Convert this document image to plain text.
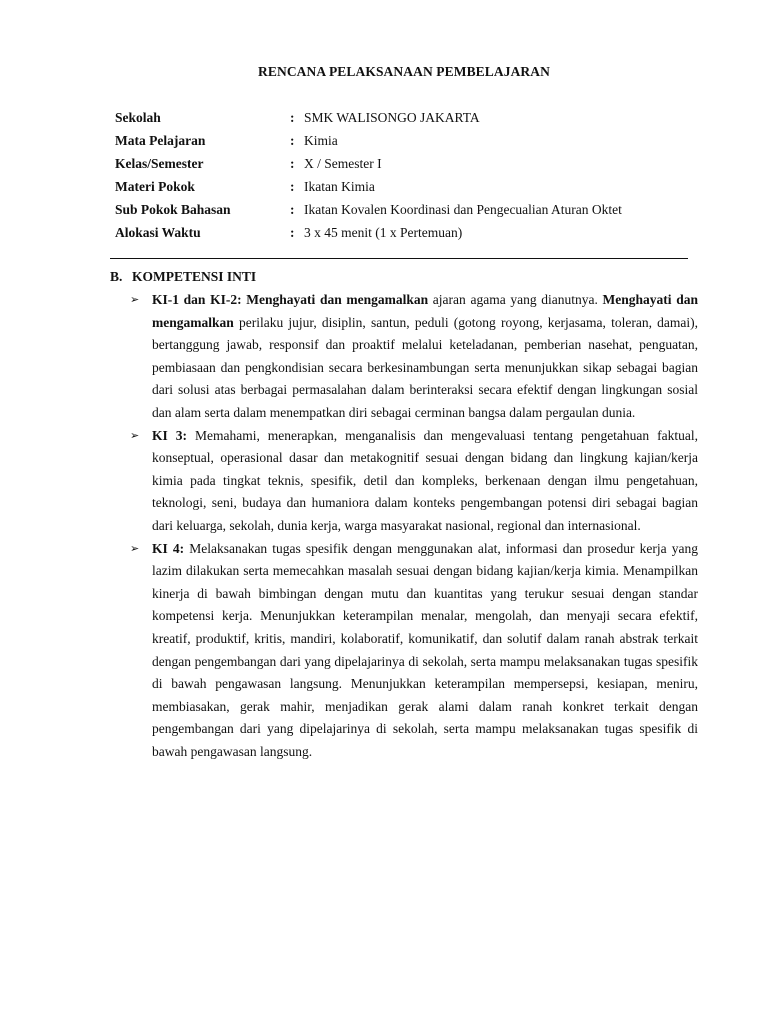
RENCANA PELAKSANAAN PEMBELAJARAN
Sekolah	: SMK WALISONGO JAKARTA
Mata Pelajaran	: Kimia
Kelas/Semester	: X / Semester I
Materi Pokok	: Ikatan Kimia
Sub Pokok Bahasan	: Ikatan Kovalen Koordinasi dan Pengecualian Aturan Oktet
Alokasi Waktu	: 3 x 45 menit (1 x Pertemuan)
B. KOMPETENSI INTI
➢ KI-1 dan KI-2: Menghayati dan mengamalkan ajaran agama yang dianutnya. Menghayati dan mengamalkan perilaku jujur, disiplin, santun, peduli (gotong royong, kerjasama, toleran, damai), bertanggung jawab, responsif dan proaktif melalui keteladanan, pemberian nasehat, penguatan, pembiasaan dan pengkondisian secara berkesinambungan serta menunjukkan sikap sebagai bagian dari solusi atas berbagai permasalahan dalam berinteraksi secara efektif dengan lingkungan sosial dan alam serta dalam menempatkan diri sebagai cerminan bangsa dalam pergaulan dunia.
➢ KI 3: Memahami, menerapkan, menganalisis dan mengevaluasi tentang pengetahuan faktual, konseptual, operasional dasar dan metakognitif sesuai dengan bidang dan lingkung kajian/kerja kimia pada tingkat teknis, spesifik, detil dan kompleks, berkenaan dengan ilmu pengetahuan, teknologi, seni, budaya dan humaniora dalam konteks pengembangan potensi diri sebagai bagian dari keluarga, sekolah, dunia kerja, warga masyarakat nasional, regional dan internasional.
➢ KI 4: Melaksanakan tugas spesifik dengan menggunakan alat, informasi dan prosedur kerja yang lazim dilakukan serta memecahkan masalah sesuai dengan bidang kajian/kerja kimia. Menampilkan kinerja di bawah bimbingan dengan mutu dan kuantitas yang terukur sesuai dengan standar kompetensi kerja. Menunjukkan keterampilan menalar, mengolah, dan menyaji secara efektif, kreatif, produktif, kritis, mandiri, kolaboratif, komunikatif, dan solutif dalam ranah abstrak terkait dengan pengembangan dari yang dipelajarinya di sekolah, serta mampu melaksanakan tugas spesifik di bawah pengawasan langsung. Menunjukkan keterampilan mempersepsi, kesiapan, meniru, membiasakan, gerak mahir, menjadikan gerak alami dalam ranah konkret terkait dengan pengembangan dari yang dipelajarinya di sekolah, serta mampu melaksanakan tugas spesifik di bawah pengawasan langsung.
